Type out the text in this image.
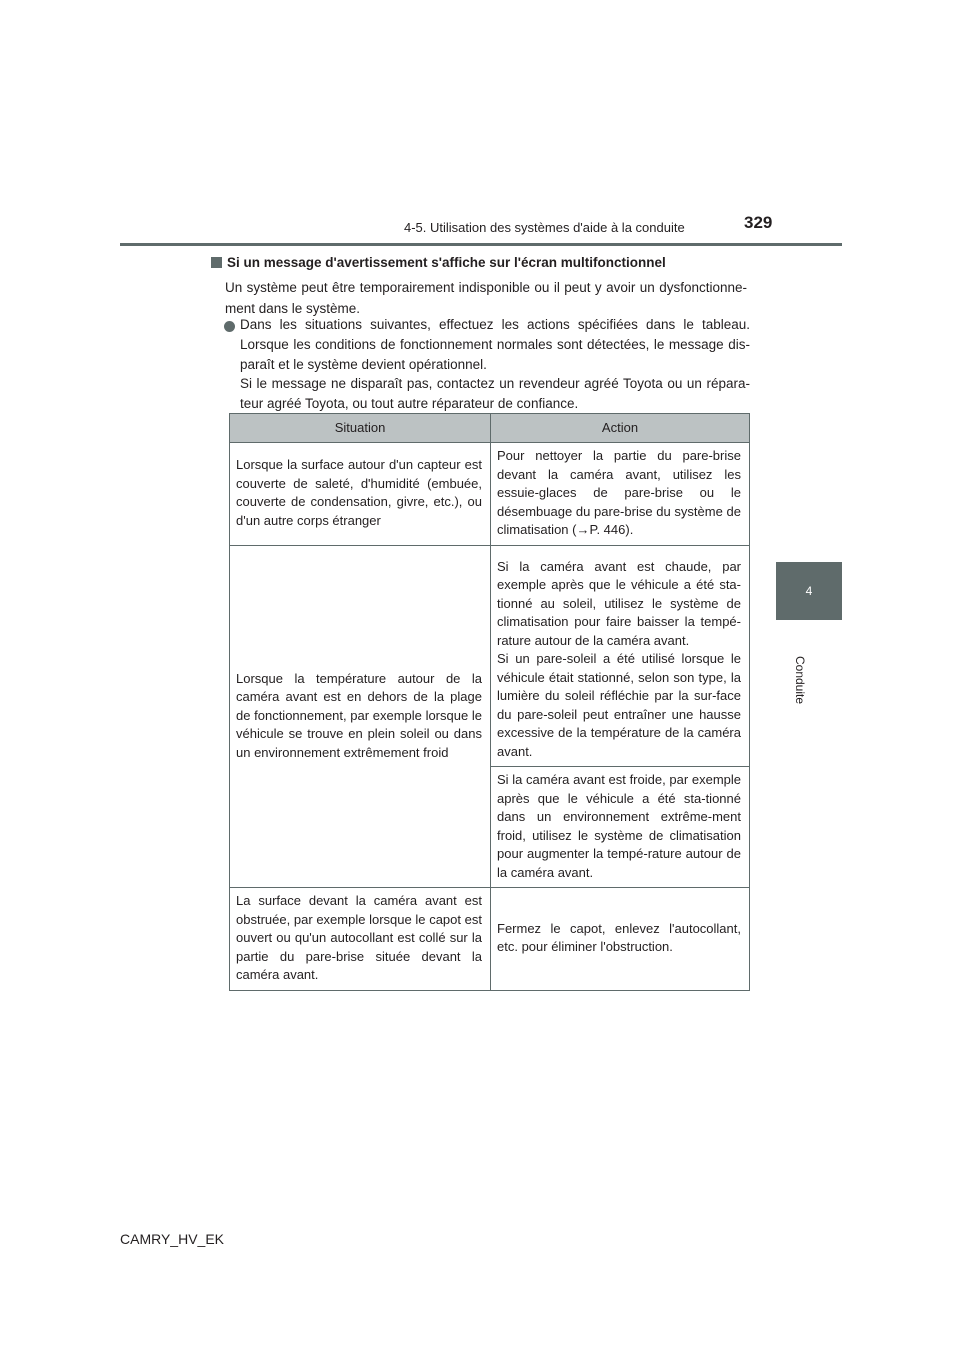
4-5. Utilisation des systèmes d'aide à la conduite	329
4
Conduite
Si un message d'avertissement s'affiche sur l'écran multifonctionnel
Un système peut être temporairement indisponible ou il peut y avoir un dysfonctionne-ment dans le système.
Dans les situations suivantes, effectuez les actions spécifiées dans le tableau. Lorsque les conditions de fonctionnement normales sont détectées, le message dis-paraît et le système devient opérationnel.
Si le message ne disparaît pas, contactez un revendeur agréé Toyota ou un répara-teur agréé Toyota, ou tout autre réparateur de confiance.
Situation	Action
Lorsque la surface autour d'un capteur est couverte de saleté, d'humidité (embuée, couverte de condensation, givre, etc.), ou d'un autre corps étranger	Pour nettoyer la partie du pare-brise devant la caméra avant, utilisez les essuie-glaces de pare-brise ou le désembuage du pare-brise du système de climatisation (→P. 446).
Lorsque la température autour de la caméra avant est en dehors de la plage de fonctionnement, par exemple lorsque le véhicule se trouve en plein soleil ou dans un environnement extrêmement froid	Si la caméra avant est chaude, par exemple après que le véhicule a été sta-tionné au soleil, utilisez le système de climatisation pour faire baisser la tempé-rature autour de la caméra avant.
Si un pare-soleil a été utilisé lorsque le véhicule était stationné, selon son type, la lumière du soleil réfléchie par la sur-face du pare-soleil peut entraîner une hausse excessive de la température de la caméra avant.

	Si la caméra avant est froide, par exemple après que le véhicule a été sta-tionné dans un environnement extrême-ment froid, utilisez le système de climatisation pour augmenter la tempé-rature autour de la caméra avant.
La surface devant la caméra avant est obstruée, par exemple lorsque le capot est ouvert ou qu'un autocollant est collé sur la partie du pare-brise située devant la caméra avant.	Fermez le capot, enlevez l'autocollant, etc. pour éliminer l'obstruction.
CAMRY_HV_EK
